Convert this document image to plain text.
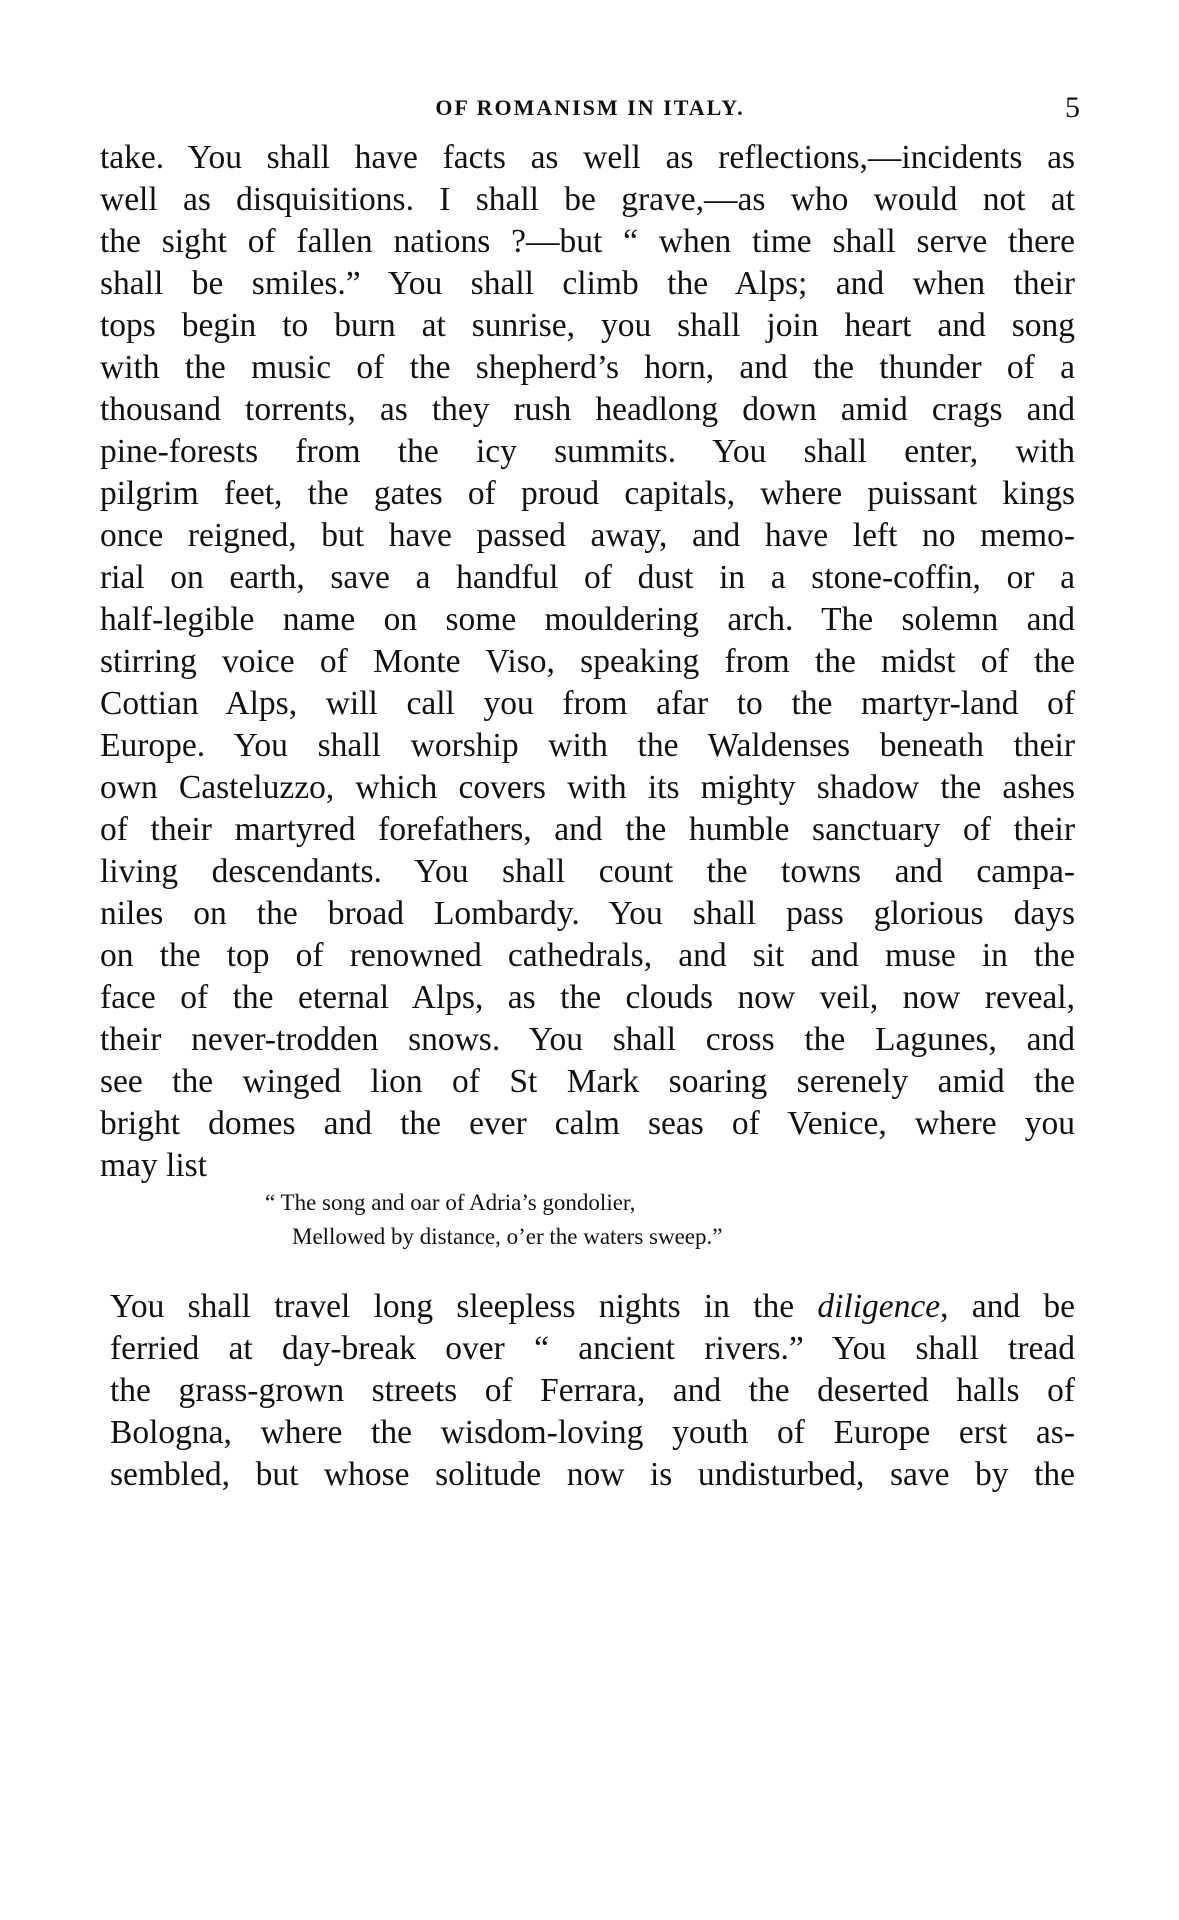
OF ROMANISM IN ITALY.	5
take. You shall have facts as well as reflections,—incidents as
well as disquisitions. I shall be grave,—as who would not at
the sight of fallen nations ?—but “ when time shall serve there
shall be smiles.” You shall climb the Alps; and when their
tops begin to burn at sunrise, you shall join heart and song
with the music of the shepherd’s horn, and the thunder of a
thousand torrents, as they rush headlong down amid crags and
pine-forests from the icy summits. You shall enter, with
pilgrim feet, the gates of proud capitals, where puissant kings
once reigned, but have passed away, and have left no memo-
rial on earth, save a handful of dust in a stone-coffin, or a
half-legible name on some mouldering arch. The solemn and
stirring voice of Monte Viso, speaking from the midst of the
Cottian Alps, will call you from afar to the martyr-land of
Europe. You shall worship with the Waldenses beneath their
own Casteluzzo, which covers with its mighty shadow the ashes
of their martyred forefathers, and the humble sanctuary of their
living descendants. You shall count the towns and campa-
niles on the broad Lombardy. You shall pass glorious days
on the top of renowned cathedrals, and sit and muse in the
face of the eternal Alps, as the clouds now veil, now reveal,
their never-trodden snows. You shall cross the Lagunes, and
see the winged lion of St Mark soaring serenely amid the
bright domes and the ever calm seas of Venice, where you
may list
“ The song and oar of Adria’s gondolier,
Mellowed by distance, o’er the waters sweep.”
You shall travel long sleepless nights in the diligence, and be
ferried at day-break over “ ancient rivers.” You shall tread
the grass-grown streets of Ferrara, and the deserted halls of
Bologna, where the wisdom-loving youth of Europe erst as-
sembled, but whose solitude now is undisturbed, save by the
